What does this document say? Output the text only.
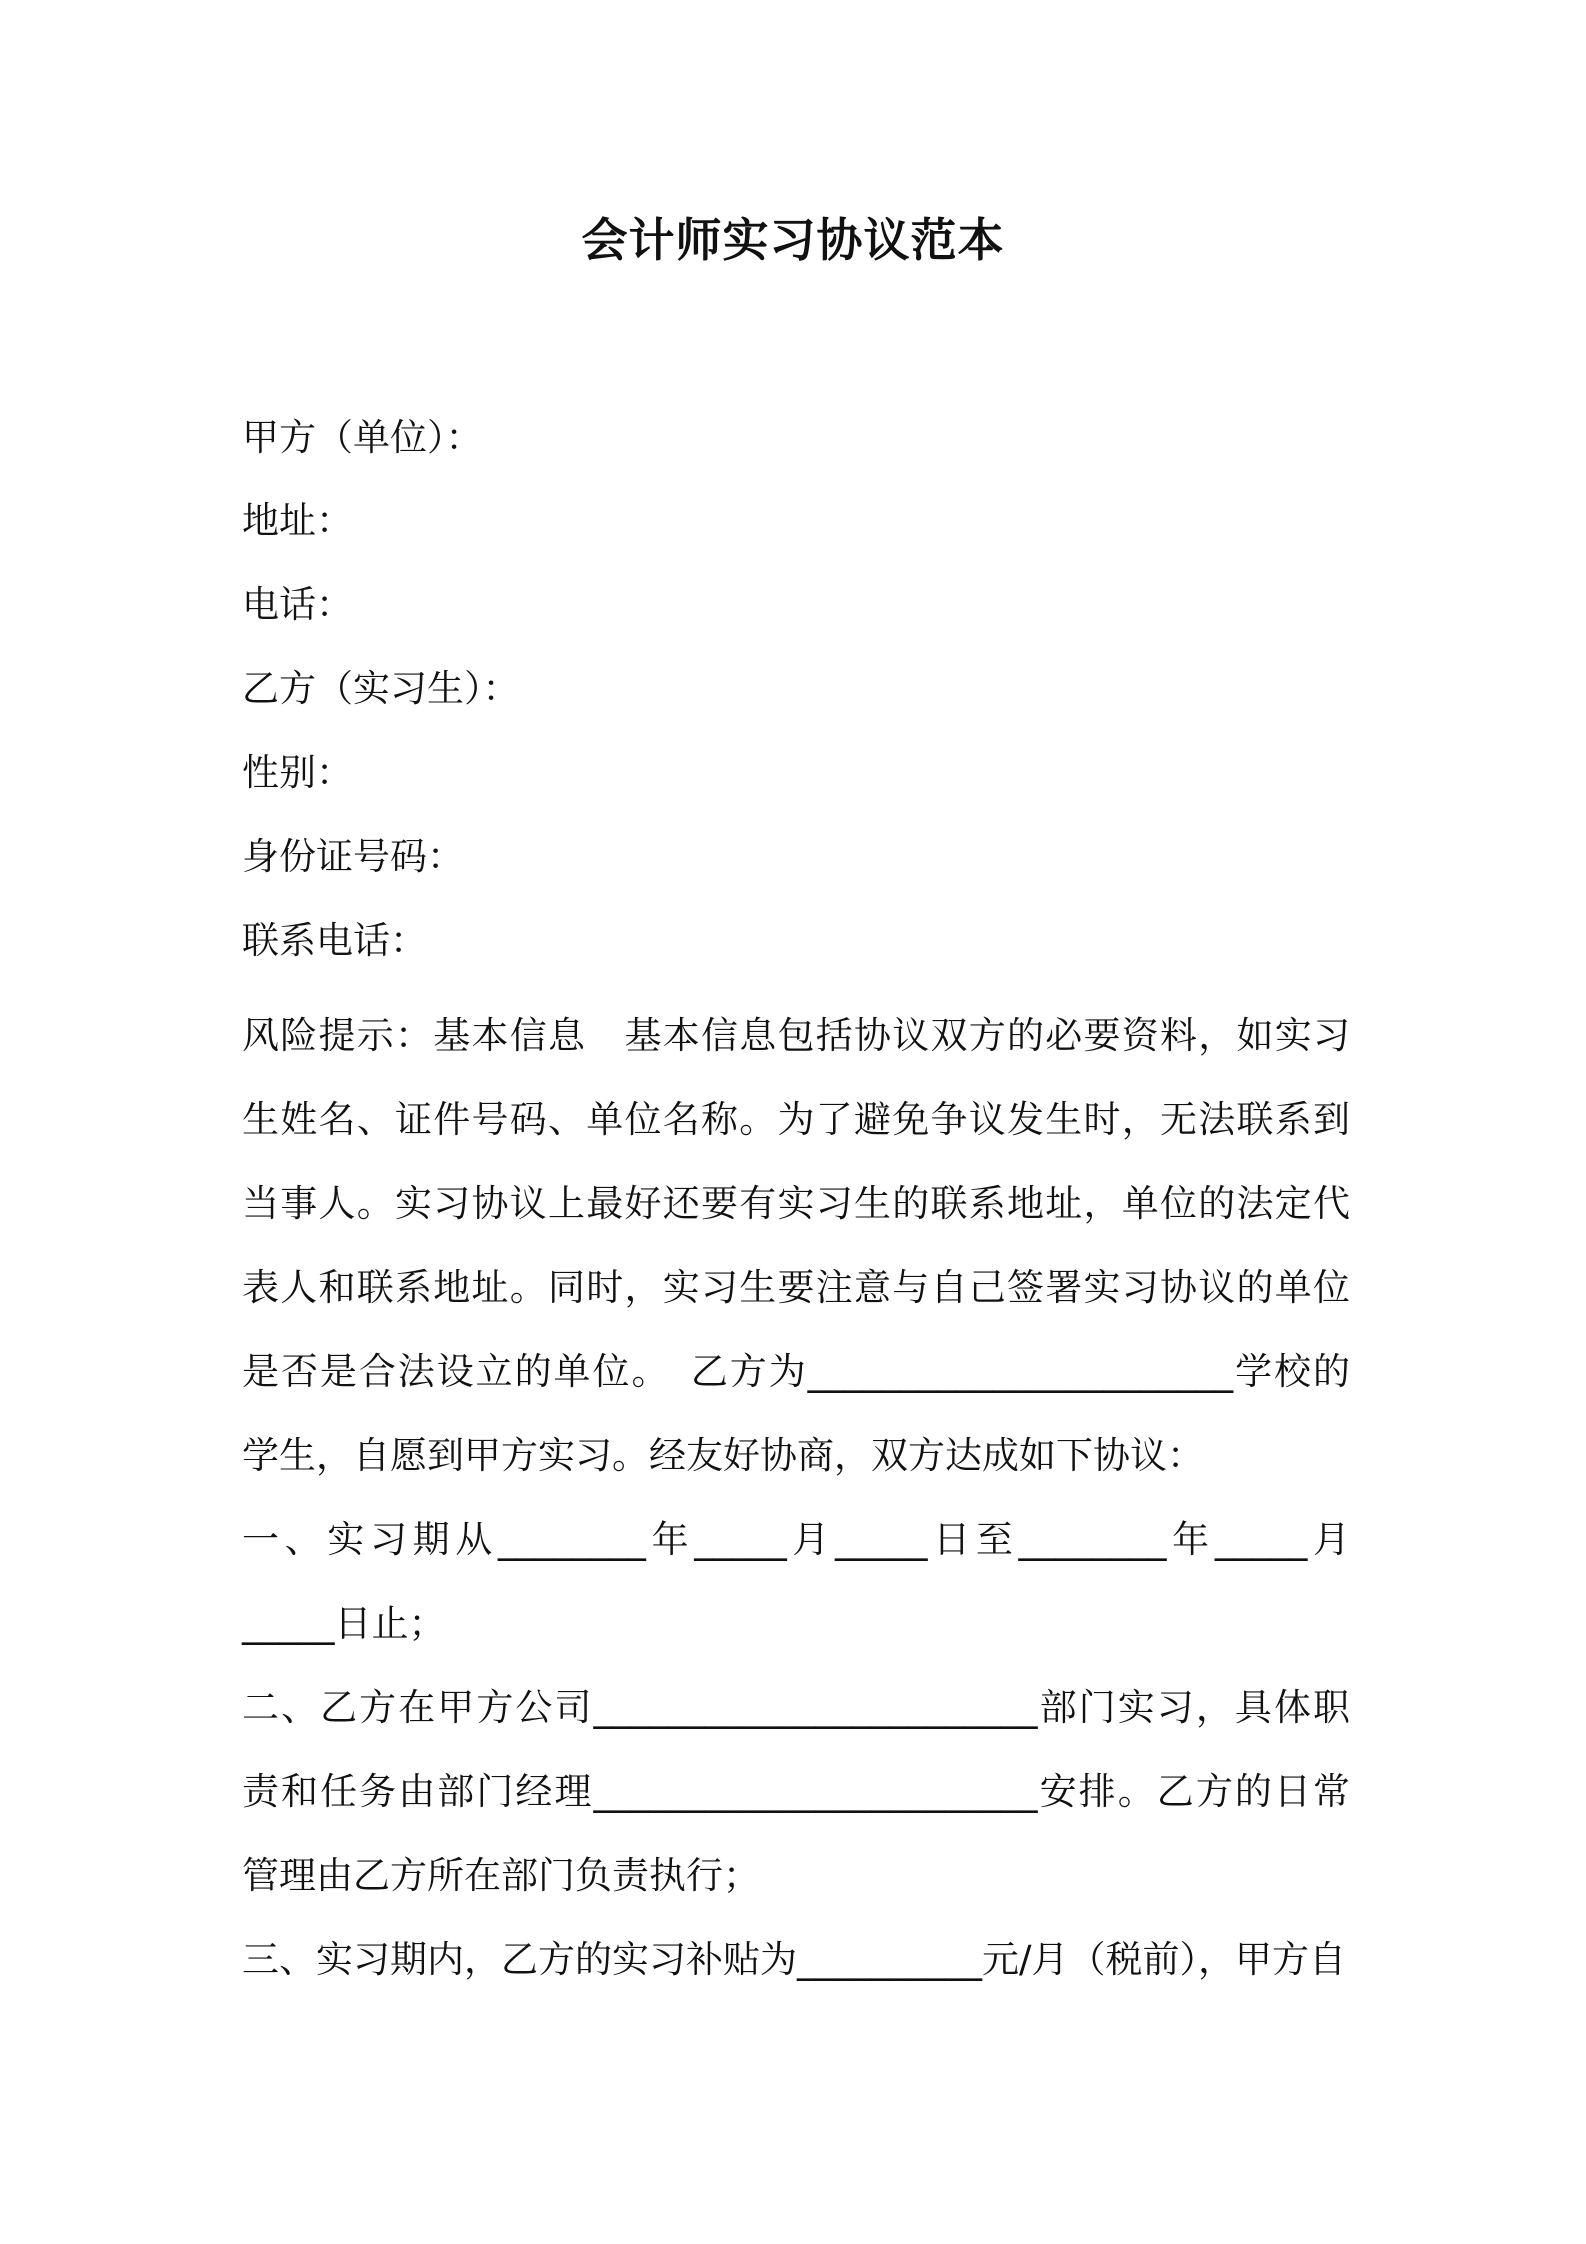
会计师实习协议范本
甲方（单位）：
地址：
电话：
乙方（实习生）：
性别：
身份证号码：
联系电话：

风险提示：基本信息　基本信息包括协议双方的必要资料，如实习生姓名、证件号码、单位名称。为了避免争议发生时，无法联系到当事人。实习协议上最好还要有实习生的联系地址，单位的法定代表人和联系地址。同时，实习生要注意与自己签署实习协议的单位是否是合法设立的单位。　乙方为_______________________学校的学生，自愿到甲方实习。经友好协商，双方达成如下协议：

一、实习期从________年_____月_____日至________年_____月_____日止；

二、乙方在甲方公司________________________部门实习，具体职责和任务由部门经理________________________安排。乙方的日常管理由乙方所在部门负责执行；

三、实习期内，乙方的实习补贴为__________元/月（税前），甲方自
